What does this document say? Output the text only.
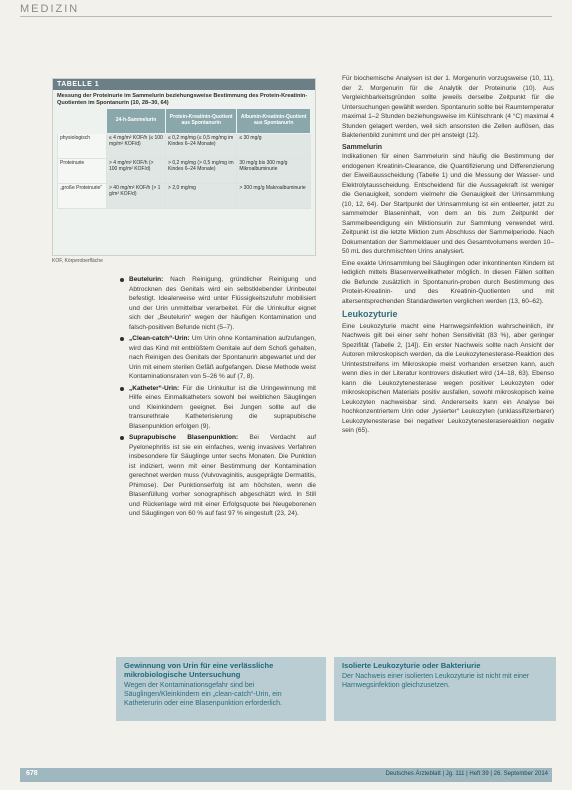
MEDIZIN
TABELLE 1
Messung der Proteinurie im Sammelurin beziehungsweise Bestimmung des Protein-Kreatinin-Quotienten im Spontanurin (10, 28–30, 64)
	24-h-Sammelurin	Protein-Kreatinin-Quotient aus Spontanurin	Albumin-Kreatinin-Quotient aus Spontanurin
physiologisch	≤ 4 mg/m² KOF/h (≤ 100 mg/m² KOF/d)	≤ 0,2 mg/mg (≤ 0,5 mg/mg im Kindes 6–24 Monate)	≤ 30 mg/g
Proteinurie	> 4 mg/m² KOF/h (> 100 mg/m² KOF/d)	> 0,2 mg/mg (> 0,5 mg/mg im Kindes 6–24 Monate)	30 mg/g bis 300 mg/g Mikroalbuminurie
„große Proteinurie“	> 40 mg/m² KOF/h (> 1 g/m² KOF/d)	> 2,0 mg/mg	> 300 mg/g Makroalbuminurie
KOF, Körperoberfläche
Beutelurin: Nach Reinigung, gründlicher Reinigung und Abtrocknen des Genitals wird ein selbstklebender Urinbeutel befestigt. Idealerweise wird unter Flüssigkeitszufuhr mobilisiert und der Urin unmittelbar verarbeitet. Für die Urinkultur eignet sich der „Beutelurin“ wegen der häufigen Kontamination und falsch-positiven Befunde nicht (5–7).
„Clean-catch“-Urin: Um Urin ohne Kontamination aufzufangen, wird das Kind mit entblößtem Genitale auf dem Schoß gehalten, nach Reinigen des Genitals der Spontanurin abgewartet und der Urin mit einem sterilen Gefäß aufgefangen. Diese Methode weist Kontaminationsraten von 5–26 % auf (7, 8).
„Katheter“-Urin: Für die Urinkultur ist die Uringewinnung mit Hilfe eines Einmalkatheters sowohl bei weiblichen Säuglingen und Kleinkindern geeignet. Bei Jungen sollte auf die transurethrale Katheterisierung die suprapubische Blasenpunktion erfolgen (9).
Suprapubische Blasenpunktion: Bei Verdacht auf Pyelonephritis ist sie ein einfaches, wenig invasives Verfahren insbesondere für Säuglinge unter sechs Monaten. Die Punktion ist indiziert, wenn mit einer Bestimmung der Kontamination gerechnet werden muss (Vulvovaginitis, ausgeprägte Dermatitis, Phimose). Der Punktionserfolg ist am höchsten, wenn die Blasenfüllung vorher sonographisch abgeschätzt wird. In Still und Rückenlage wird mit einer Erfolgsquote bei Neugeborenen und Säuglingen von 60 % auf fast 97 % eingestuft (23, 24).

Für biochemische Analysen ist der 1. Morgenurin vorzugsweise (10, 11), der 2. Morgenurin für die Analytik der Proteinurie (10). Aus Vergleichbarkeitsgründen sollte jeweils derselbe Zeitpunkt für die Untersuchungen gewählt werden. Spontanurin sollte bei Raumtemperatur maximal 1–2 Stunden beziehungsweise im Kühlschrank (4 °C) maximal 4 Stunden gelagert werden, weil sich ansonsten die Zellen auflösen, das Bakterienbild zunimmt und der pH ansteigt (12).

Sammelurin

Indikationen für einen Sammelurin sind häufig die Bestimmung der endogenen Kreatinin-Clearance, die Quantifizierung und Differenzierung der Eiweißausscheidung (Tabelle 1) und die Messung der Wasser- und Elektrolytausscheidung. Entscheidend für die Aussagekraft ist weniger die Genauigkeit, sondern vielmehr die Genauigkeit der Urinsammlung (10, 12, 64). Der Startpunkt der Urinsammlung ist ein entleerter, jetzt zu sammelnder Blaseninhalt, von dem an bis zum Zeitpunkt der Sammelbeendigung ein Miktionsurin zur Sammlung verwendet wird. Zeitpunkt ist die letzte Miktion zum Abschluss der Sammelperiode. Nach Dokumentation der Sammeldauer und des Gesamtvolumens werden 10–50 mL des durchmischten Urins analysiert.

Eine exakte Urinsammlung bei Säuglingen oder inkontinenten Kindern ist lediglich mittels Blasenverweilkatheter möglich. In diesen Fällen sollten die Befunde zusätzlich in Spontanurin-proben durch Bestimmung des Protein-Kreatinin- und des Kreatinin-Quotienten und mit altersentsprechenden Standardwerten verglichen werden (13, 60–62).

Leukozyturie

Eine Leukozyturie macht eine Harnwegsinfektion wahrscheinlich, ihr Nachweis gilt bei einer sehr hohen Sensitivität (83 %), aber geringer Spezifität (Tabelle 2, [14]). Ein erster Nachweis sollte nach Ansicht der Autoren mikroskopisch werden, da die Leukozytenesterase-Reaktion des Urinteststreifens im Mikroskopie meist vorhanden ersetzen kann, auch wenn dies in der Literatur kontrovers diskutiert wird (14–18, 63). Ebenso kann die Leukozytenesterase wegen positiver Leukozyten oder mikroskopischen Materials positiv ausfallen, sowohl mikroskopisch keine Leukozyten nachweisbar sind. Andererseits kann ein Analyse bei hochkonzentriertem Urin oder „lysierter“ Leukozyten (unklassifizierbarer) Leukozytenesterase bei negativer Leukozytenesterasereaktion negativ sein (65).

Gewinnung von Urin für eine verlässliche mikrobiologische Untersuchung
Wegen der Kontaminationsgefahr sind bei Säuglingen/Kleinkindern ein „clean-catch“-Urin, ein Katheterurin oder eine Blasenpunktion erforderlich.
Isolierte Leukozyturie oder Bakteriurie
Der Nachweis einer isolierten Leukozyturie ist nicht mit einer Harnwegsinfektion gleichzusetzen.
678	Deutsches Ärzteblatt | Jg. 111 | Heft 39 | 26. September 2014
